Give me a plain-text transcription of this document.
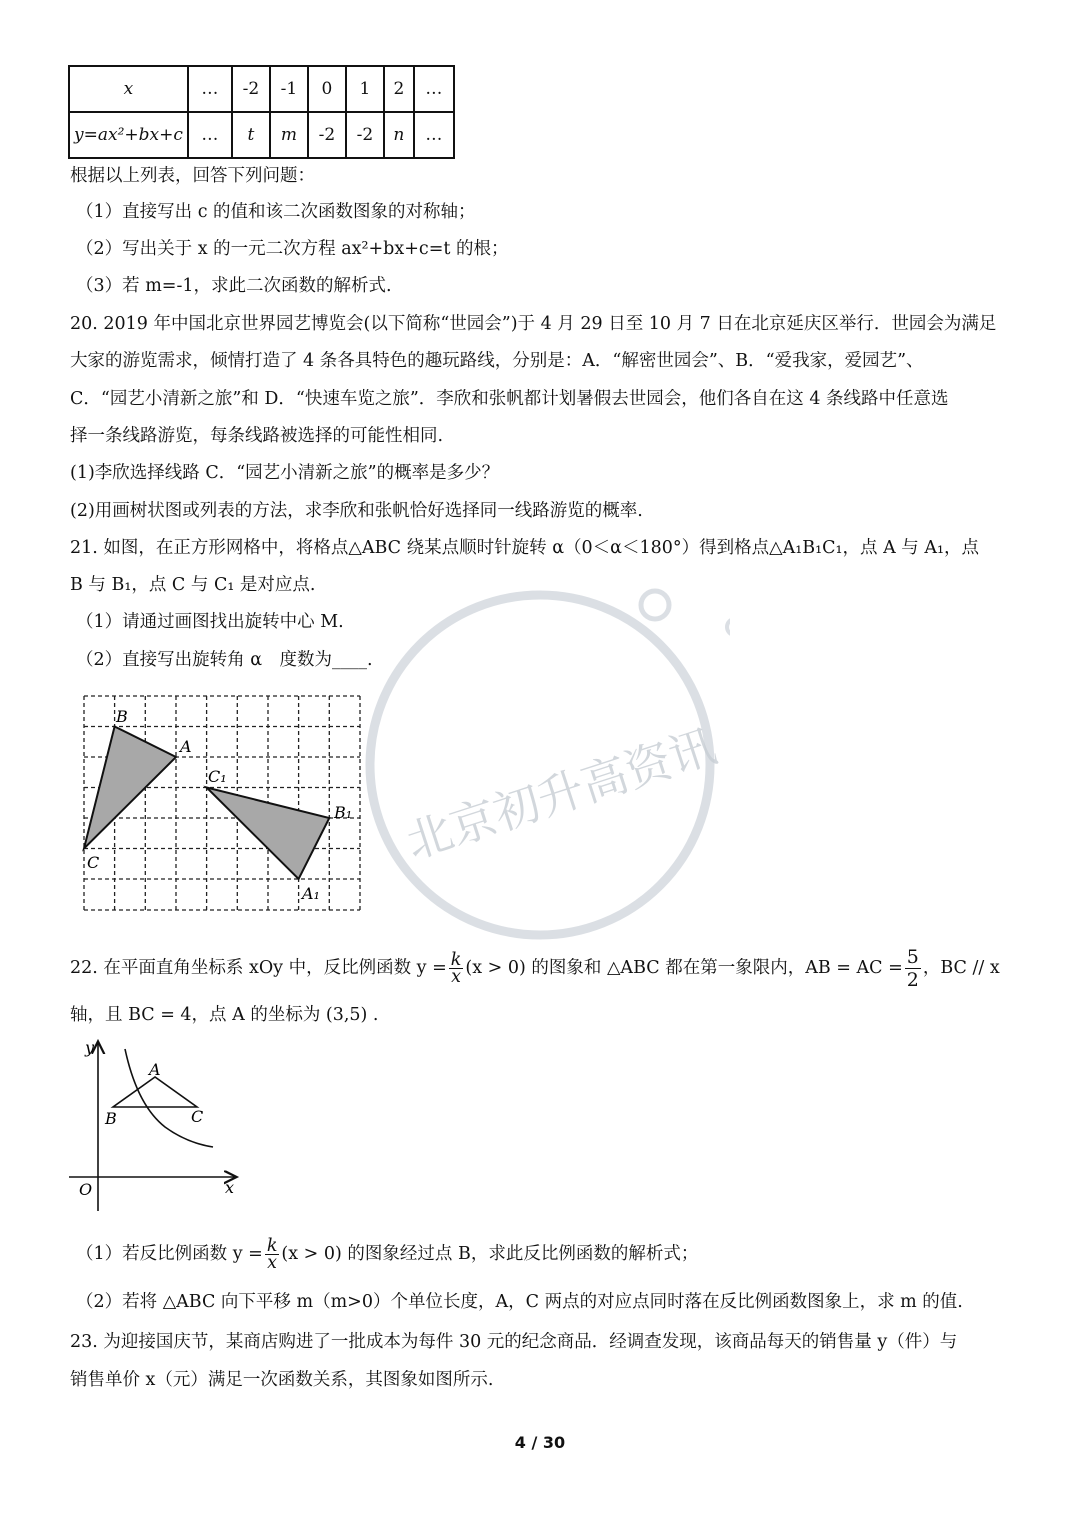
x	…	-2	-1	0	1	2	…
y=ax²+bx+c	…	t	m	-2	-2	n	…
根据以上列表，回答下列问题：
（1）直接写出 c 的值和该二次函数图象的对称轴；
（2）写出关于 x 的一元二次方程 ax²+bx+c=t 的根；
（3）若 m=-1，求此二次函数的解析式.
20. 2019 年中国北京世界园艺博览会(以下简称“世园会”)于 4 月 29 日至 10 月 7 日在北京延庆区举行．世园会为满足
大家的游览需求，倾情打造了 4 条各具特色的趣玩路线，分别是：A．“解密世园会”、B．“爱我家，爱园艺”、
C．“园艺小清新之旅”和 D．“快速车览之旅”．李欣和张帆都计划暑假去世园会，他们各自在这 4 条线路中任意选
择一条线路游览，每条线路被选择的可能性相同.
(1)李欣选择线路 C．“园艺小清新之旅”的概率是多少？
(2)用画树状图或列表的方法，求李欣和张帆恰好选择同一线路游览的概率.
21. 如图，在正方形网格中，将格点△ABC 绕某点顺时针旋转 α（0＜α＜180°）得到格点△A₁B₁C₁，点 A 与 A₁，点
B 与 B₁，点 C 与 C₁ 是对应点.
（1）请通过画图找出旋转中心 M.
（2）直接写出旋转角 α　度数为____.
B
A
C
C₁
B₁
A₁
22. 在平面直角坐标系 xOy 中，反比例函数 $y = \frac{k}{x} (x > 0)$ 的图象和 △ABC 都在第一象限内，AB = AC = $\frac{5}{2}$ ，BC // x
轴，且 BC = 4，点 A 的坐标为 (3,5) .
y
x
O
A
B	C
（1）若反比例函数 $y = \frac{k}{x} (x > 0)$ 的图象经过点 B，求此反比例函数的解析式；
（2）若将 △ABC 向下平移 m（m>0）个单位长度，A，C 两点的对应点同时落在反比例函数图象上，求 m 的值.
23. 为迎接国庆节，某商店购进了一批成本为每件 30 元的纪念商品．经调查发现，该商品每天的销售量 y（件）与
销售单价 x（元）满足一次函数关系，其图象如图所示.
北京初升高资讯
4 / 30
